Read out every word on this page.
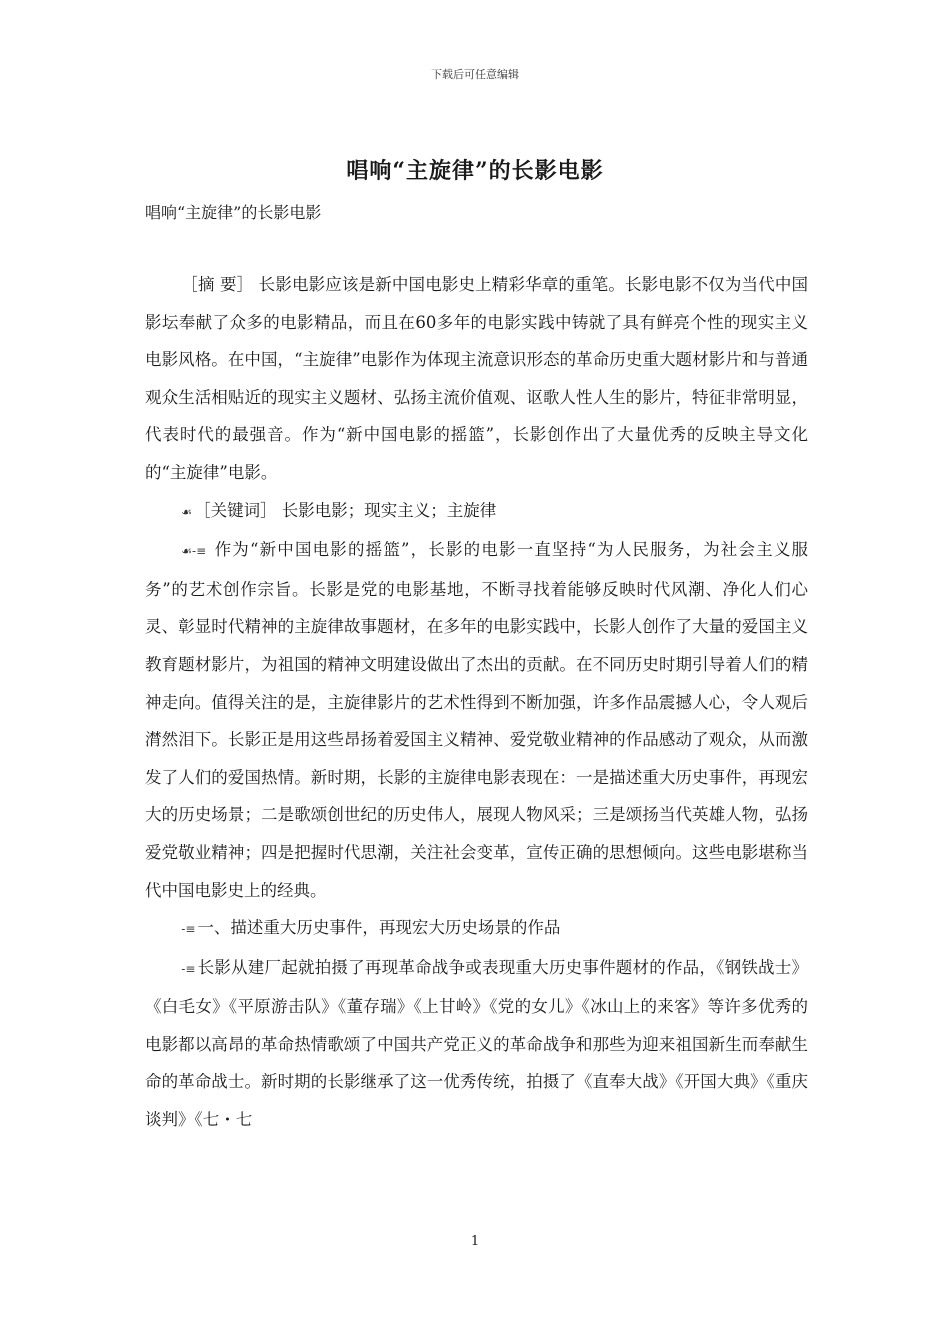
下载后可任意编辑
唱响“主旋律”的长影电影
唱响“主旋律”的长影电影

［摘 要］ 长影电影应该是新中国电影史上精彩华章的重笔。长影电影不仅为当代中国影坛奉献了众多的电影精品，而且在60多年的电影实践中铸就了具有鲜亮个性的现实主义电影风格。在中国，“主旋律”电影作为体现主流意识形态的革命历史重大题材影片和与普通观众生活相贴近的现实主义题材、弘扬主流价值观、讴歌人性人生的影片，特征非常明显，代表时代的最强音。作为“新中国电影的摇篮”，长影创作出了大量优秀的反映主导文化的“主旋律”电影。

☙ ［关键词］ 长影电影；现实主义；主旋律

☙-≡ 作为“新中国电影的摇篮”，长影的电影一直坚持“为人民服务，为社会主义服务”的艺术创作宗旨。长影是党的电影基地，不断寻找着能够反映时代风潮、净化人们心灵、彰显时代精神的主旋律故事题材，在多年的电影实践中，长影人创作了大量的爱国主义教育题材影片，为祖国的精神文明建设做出了杰出的贡献。在不同历史时期引导着人们的精神走向。值得关注的是，主旋律影片的艺术性得到不断加强，许多作品震撼人心，令人观后潸然泪下。长影正是用这些昂扬着爱国主义精神、爱党敬业精神的作品感动了观众，从而激发了人们的爱国热情。新时期，长影的主旋律电影表现在：一是描述重大历史事件，再现宏大的历史场景；二是歌颂创世纪的历史伟人，展现人物风采；三是颂扬当代英雄人物，弘扬爱党敬业精神；四是把握时代思潮，关注社会变革，宣传正确的思想倾向。这些电影堪称当代中国电影史上的经典。

-≡ 一、描述重大历史事件，再现宏大历史场景的作品

-≡ 长影从建厂起就拍摄了再现革命战争或表现重大历史事件题材的作品，《钢铁战士》《白毛女》《平原游击队》《董存瑞》《上甘岭》《党的女儿》《冰山上的来客》等许多优秀的电影都以高昂的革命热情歌颂了中国共产党正义的革命战争和那些为迎来祖国新生而奉献生命的革命战士。新时期的长影继承了这一优秀传统，拍摄了《直奉大战》《开国大典》《重庆谈判》《七・七

1
